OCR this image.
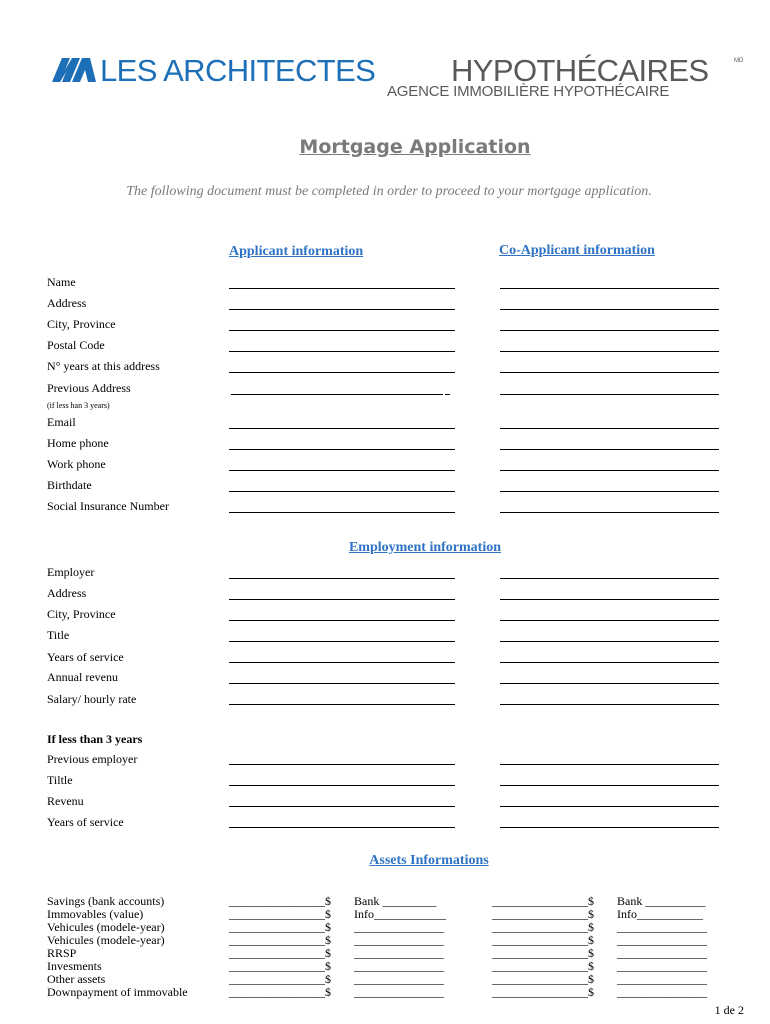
LES ARCHITECTES HYPOTHÉCAIRES	MD
AGENCE IMMOBILIÈRE HYPOTHÉCAIRE
Mortgage Application
The following document must be completed in order to proceed to your mortgage application.
Applicant information	Co-Applicant information
Name
Address
City, Province
Postal Code
N° years at this address
Previous Address
(if less han 3 years)
Email
Home phone
Work phone
Birthdate
Social Insurance Number
Employment information
Employer
Address
City, Province
Title
Years of service
Annual revenu
Salary/ hourly rate
If less than 3 years
Previous employer
Tiltle
Revenu
Years of service
Assets Informations
Savings (bank accounts)	________________$ Bank _________	________________$ Bank __________
Immovables (value)	________________$ Info____________	________________$ Info___________
Vehicules (modele-year)	________________$ _______________	________________$ _______________
Vehicules (modele-year)	________________$ _______________	________________$ _______________
RRSP	________________$ _______________	________________$ _______________
Invesments	________________$ _______________	________________$ _______________
Other assets	________________$ _______________	________________$ _______________
Downpayment of immovable	________________$ _______________	________________$ _______________
1 de 2
